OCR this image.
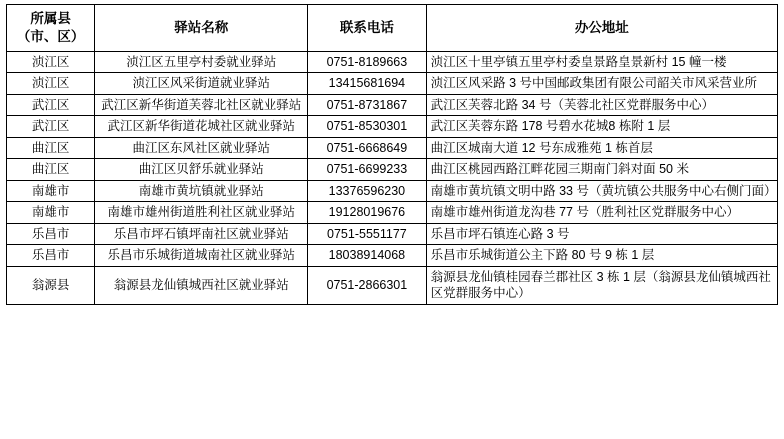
所属县
（市、区）	驿站名称	联系电话	办公地址
浈江区	浈江区五里亭村委就业驿站	0751-8189663	浈江区十里亭镇五里亭村委皇景路皇景新村 15 幢一楼
浈江区	浈江区风采街道就业驿站	13415681694	浈江区风采路 3 号中国邮政集团有限公司韶关市风采营业所
武江区	武江区新华街道芙蓉北社区就业驿站	0751-8731867	武江区芙蓉北路 34 号（芙蓉北社区党群服务中心）
武江区	武江区新华街道花城社区就业驿站	0751-8530301	武江区芙蓉东路 178 号碧水花城8 栋附 1 层
曲江区	曲江区东风社区就业驿站	0751-6668649	曲江区城南大道 12 号东成雅苑 1 栋首层
曲江区	曲江区贝舒乐就业驿站	0751-6699233	曲江区桃园西路江畔花园三期南门斜对面 50 米
南雄市	南雄市黄坑镇就业驿站	13376596230	南雄市黄坑镇文明中路 33 号（黄坑镇公共服务中心右侧门面）
南雄市	南雄市雄州街道胜利社区就业驿站	19128019676	南雄市雄州街道龙沟巷 77 号（胜利社区党群服务中心）
乐昌市	乐昌市坪石镇坪南社区就业驿站	0751-5551177	乐昌市坪石镇连心路 3 号
乐昌市	乐昌市乐城街道城南社区就业驿站	18038914068	乐昌市乐城街道公主下路 80 号 9 栋 1 层
翁源县	翁源县龙仙镇城西社区就业驿站	0751-2866301	翁源县龙仙镇桂园春兰郡社区 3 栋 1 层（翁源县龙仙镇城西社区党群服务中心）
